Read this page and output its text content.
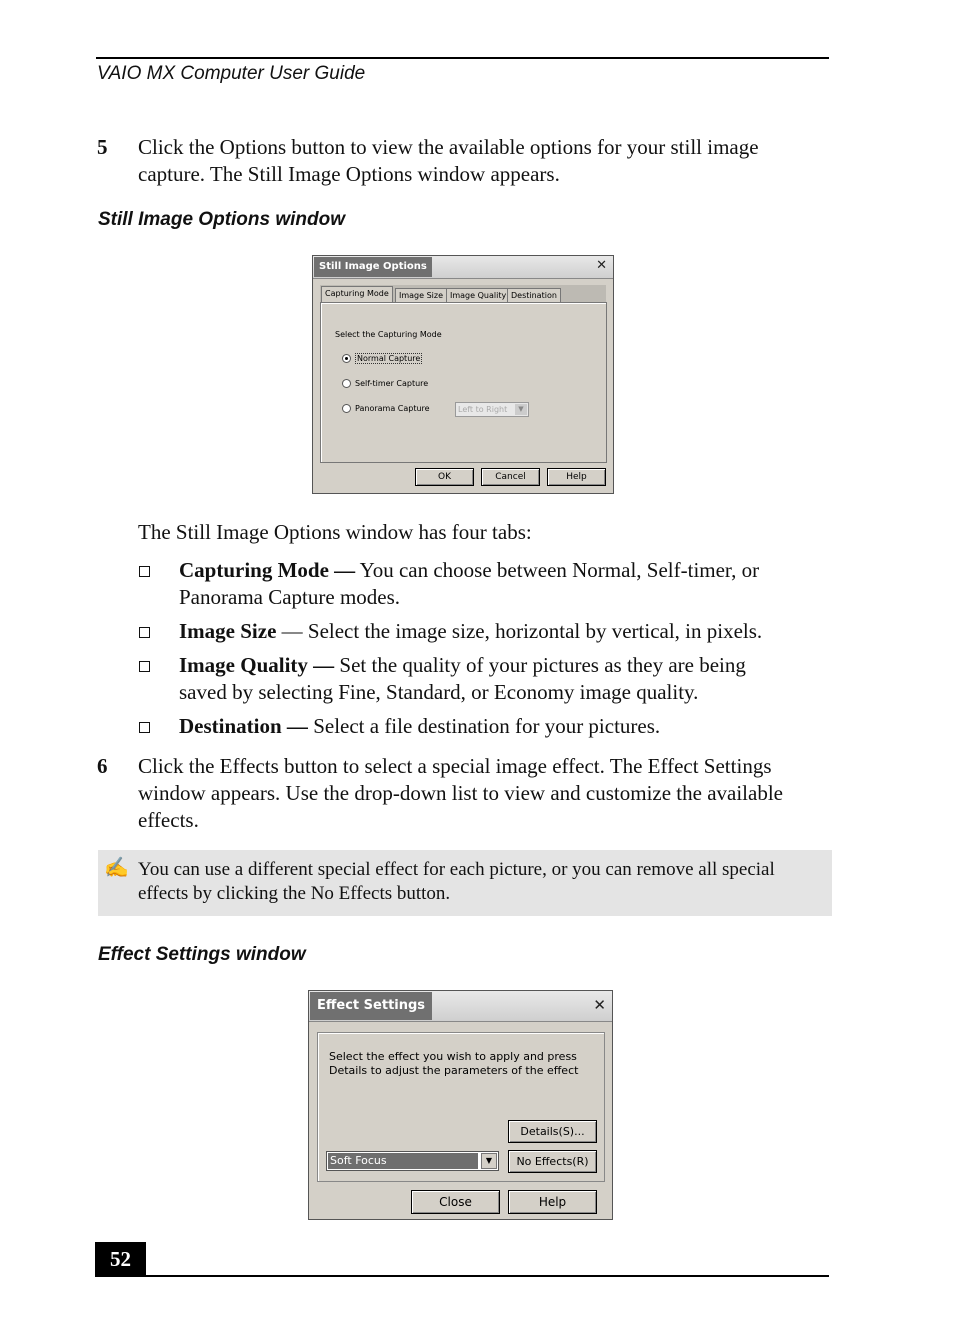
VAIO MX Computer User Guide
5 Click the Options button to view the available options for your still image
capture. The Still Image Options window appears.
Still Image Options window
Still Image Options	✕
Capturing Mode	Image Size Image Quality Destination
Select the Capturing Mode
Normal Capture
Self-timer Capture
Panorama Capture	Left to Right	▼
OK	Cancel	Help
The Still Image Options window has four tabs:
Capturing Mode — You can choose between Normal, Self-timer, or
Panorama Capture modes.
Image Size — Select the image size, horizontal by vertical, in pixels.
Image Quality — Set the quality of your pictures as they are being
saved by selecting Fine, Standard, or Economy image quality.
Destination — Select a file destination for your pictures.
6 Click the Effects button to select a special image effect. The Effect Settings
window appears. Use the drop-down list to view and customize the available
effects.
✍ You can use a different special effect for each picture, or you can remove all special
effects by clicking the No Effects button.
Effect Settings window
Effect Settings	✕
Select the effect you wish to apply and press
Details to adjust the parameters of the effect
Details(S)...
Soft Focus	▼	No Effects(R)
Close	Help
52
